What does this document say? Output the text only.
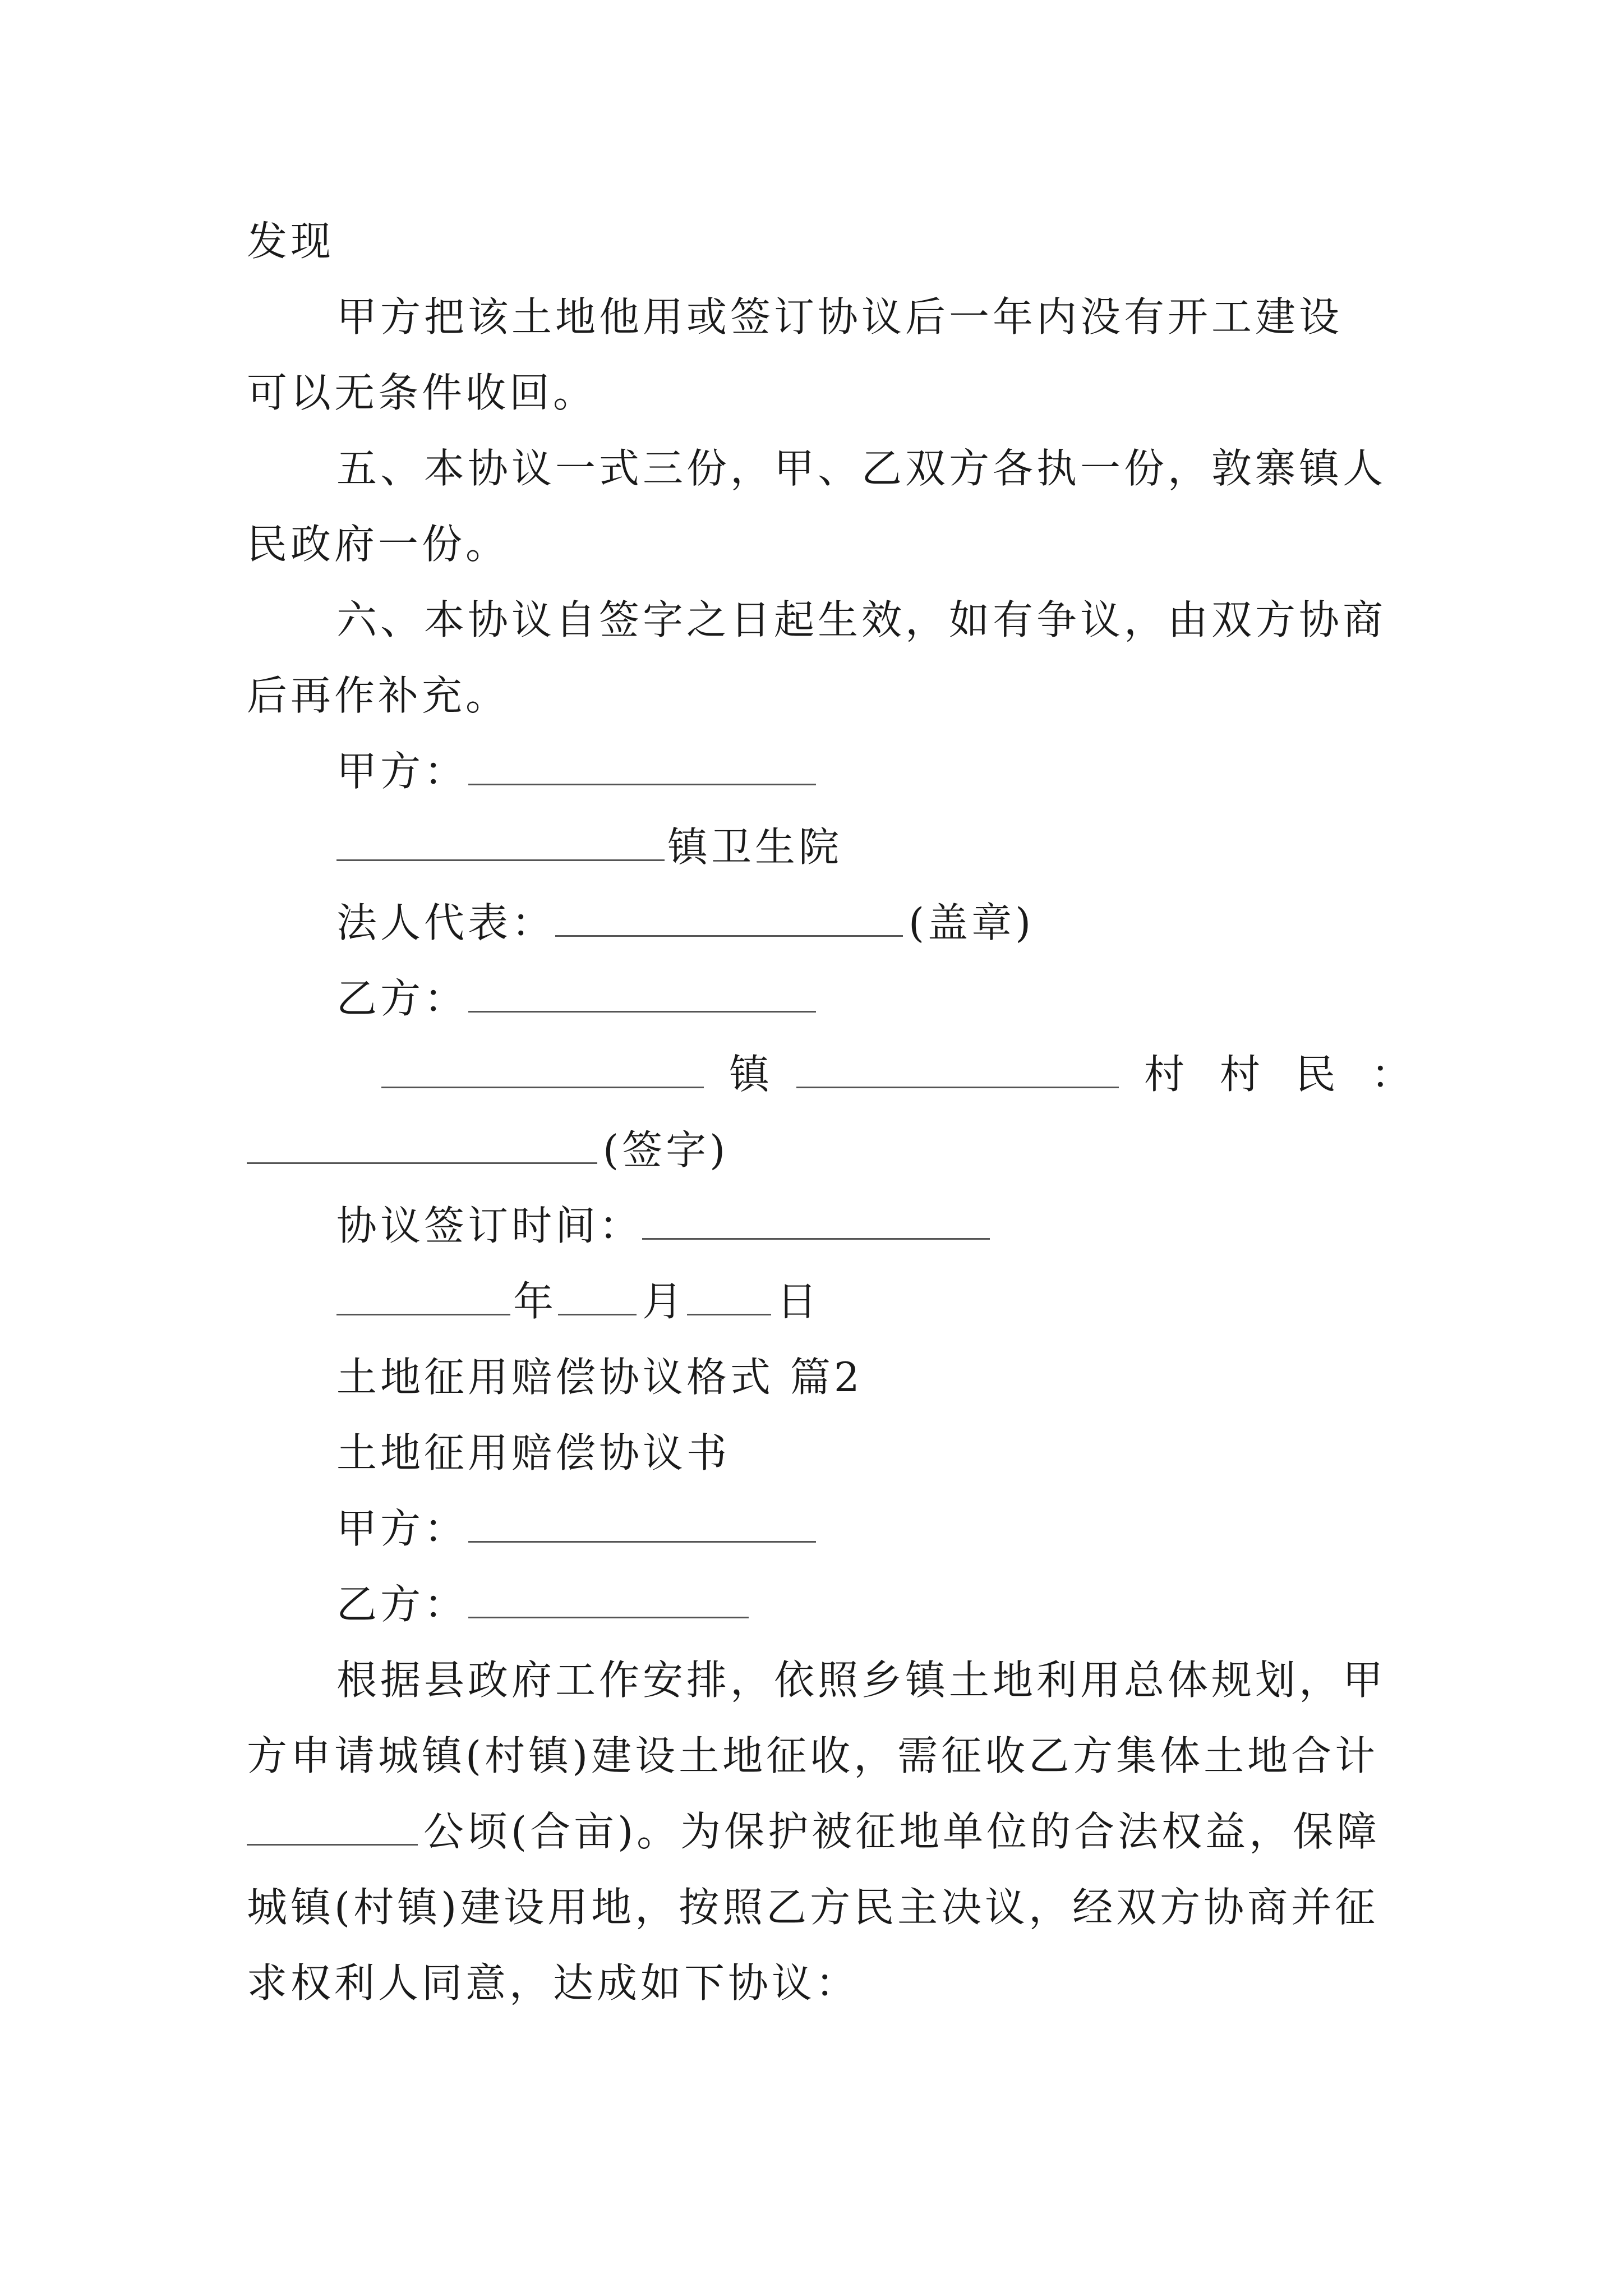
发现
甲方把该土地他用或签订协议后一年内没有开工建设
可以无条件收回。
五、本协议一式三份，甲、乙双方各执一份，敦寨镇人
民政府一份。
六、本协议自签字之日起生效，如有争议，由双方协商
后再作补充。
甲方：
镇卫生院
法人代表：	(盖章)
乙方：
镇	村 村 民 ：
(签字)
协议签订时间：
年 月 日
土地征用赔偿协议格式 篇2
土地征用赔偿协议书
甲方：
乙方：
根据县政府工作安排，依照乡镇土地利用总体规划，甲
方申请城镇(村镇)建设土地征收，需征收乙方集体土地合计
公顷(合亩)。为保护被征地单位的合法权益，保障
城镇(村镇)建设用地，按照乙方民主决议，经双方协商并征
求权利人同意，达成如下协议：
